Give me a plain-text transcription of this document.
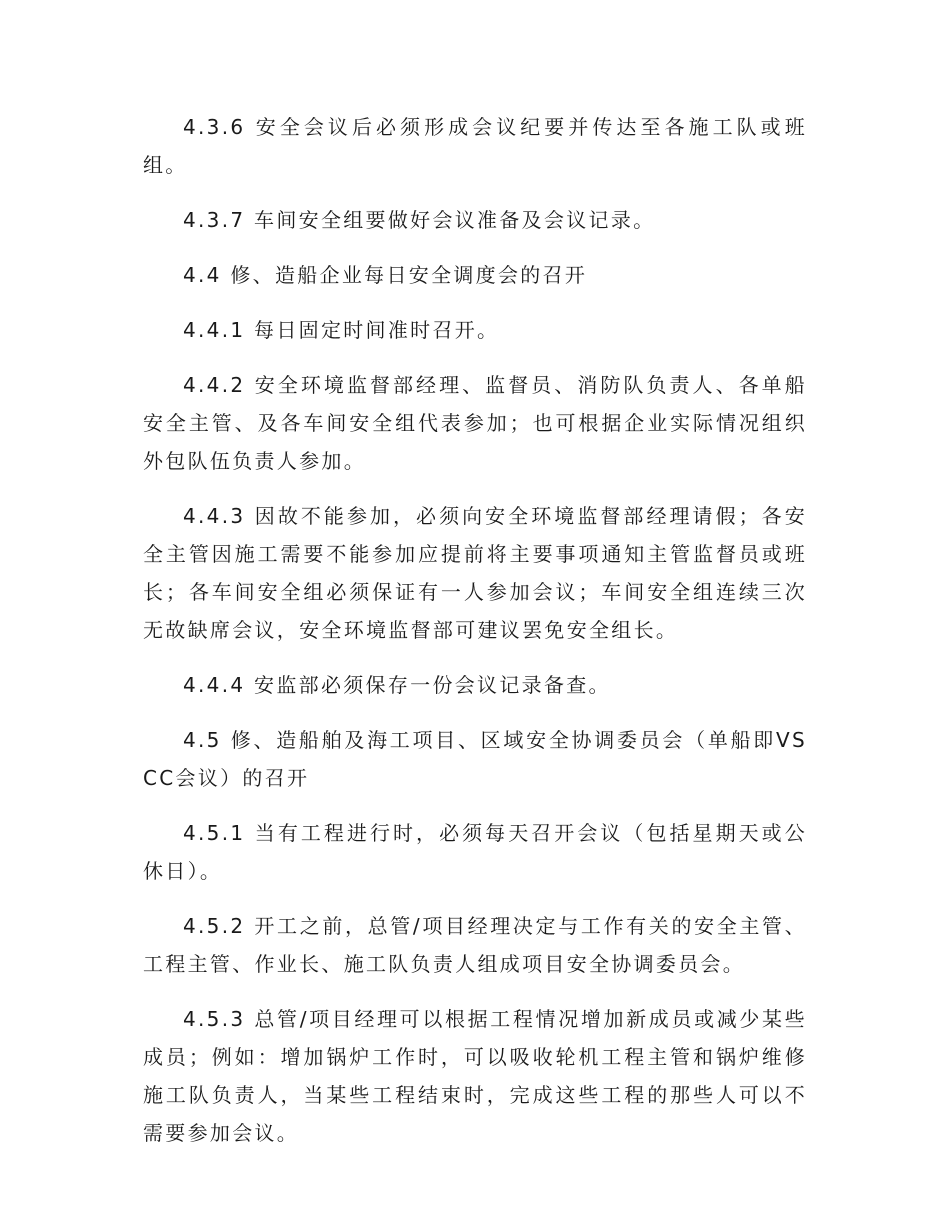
4.3.6 安全会议后必须形成会议纪要并传达至各施工队或班组。

4.3.7 车间安全组要做好会议准备及会议记录。

4.4 修、造船企业每日安全调度会的召开

4.4.1 每日固定时间准时召开。

4.4.2 安全环境监督部经理、监督员、消防队负责人、各单船安全主管、及各车间安全组代表参加；也可根据企业实际情况组织外包队伍负责人参加。

4.4.3 因故不能参加，必须向安全环境监督部经理请假；各安全主管因施工需要不能参加应提前将主要事项通知主管监督员或班长；各车间安全组必须保证有一人参加会议；车间安全组连续三次无故缺席会议，安全环境监督部可建议罢免安全组长。

4.4.4 安监部必须保存一份会议记录备查。

4.5 修、造船舶及海工项目、区域安全协调委员会（单船即VSCC会议）的召开

4.5.1 当有工程进行时，必须每天召开会议（包括星期天或公休日）。

4.5.2 开工之前，总管/项目经理决定与工作有关的安全主管、工程主管、作业长、施工队负责人组成项目安全协调委员会。

4.5.3 总管/项目经理可以根据工程情况增加新成员或减少某些成员；例如：增加锅炉工作时，可以吸收轮机工程主管和锅炉维修施工队负责人，当某些工程结束时，完成这些工程的那些人可以不需要参加会议。
